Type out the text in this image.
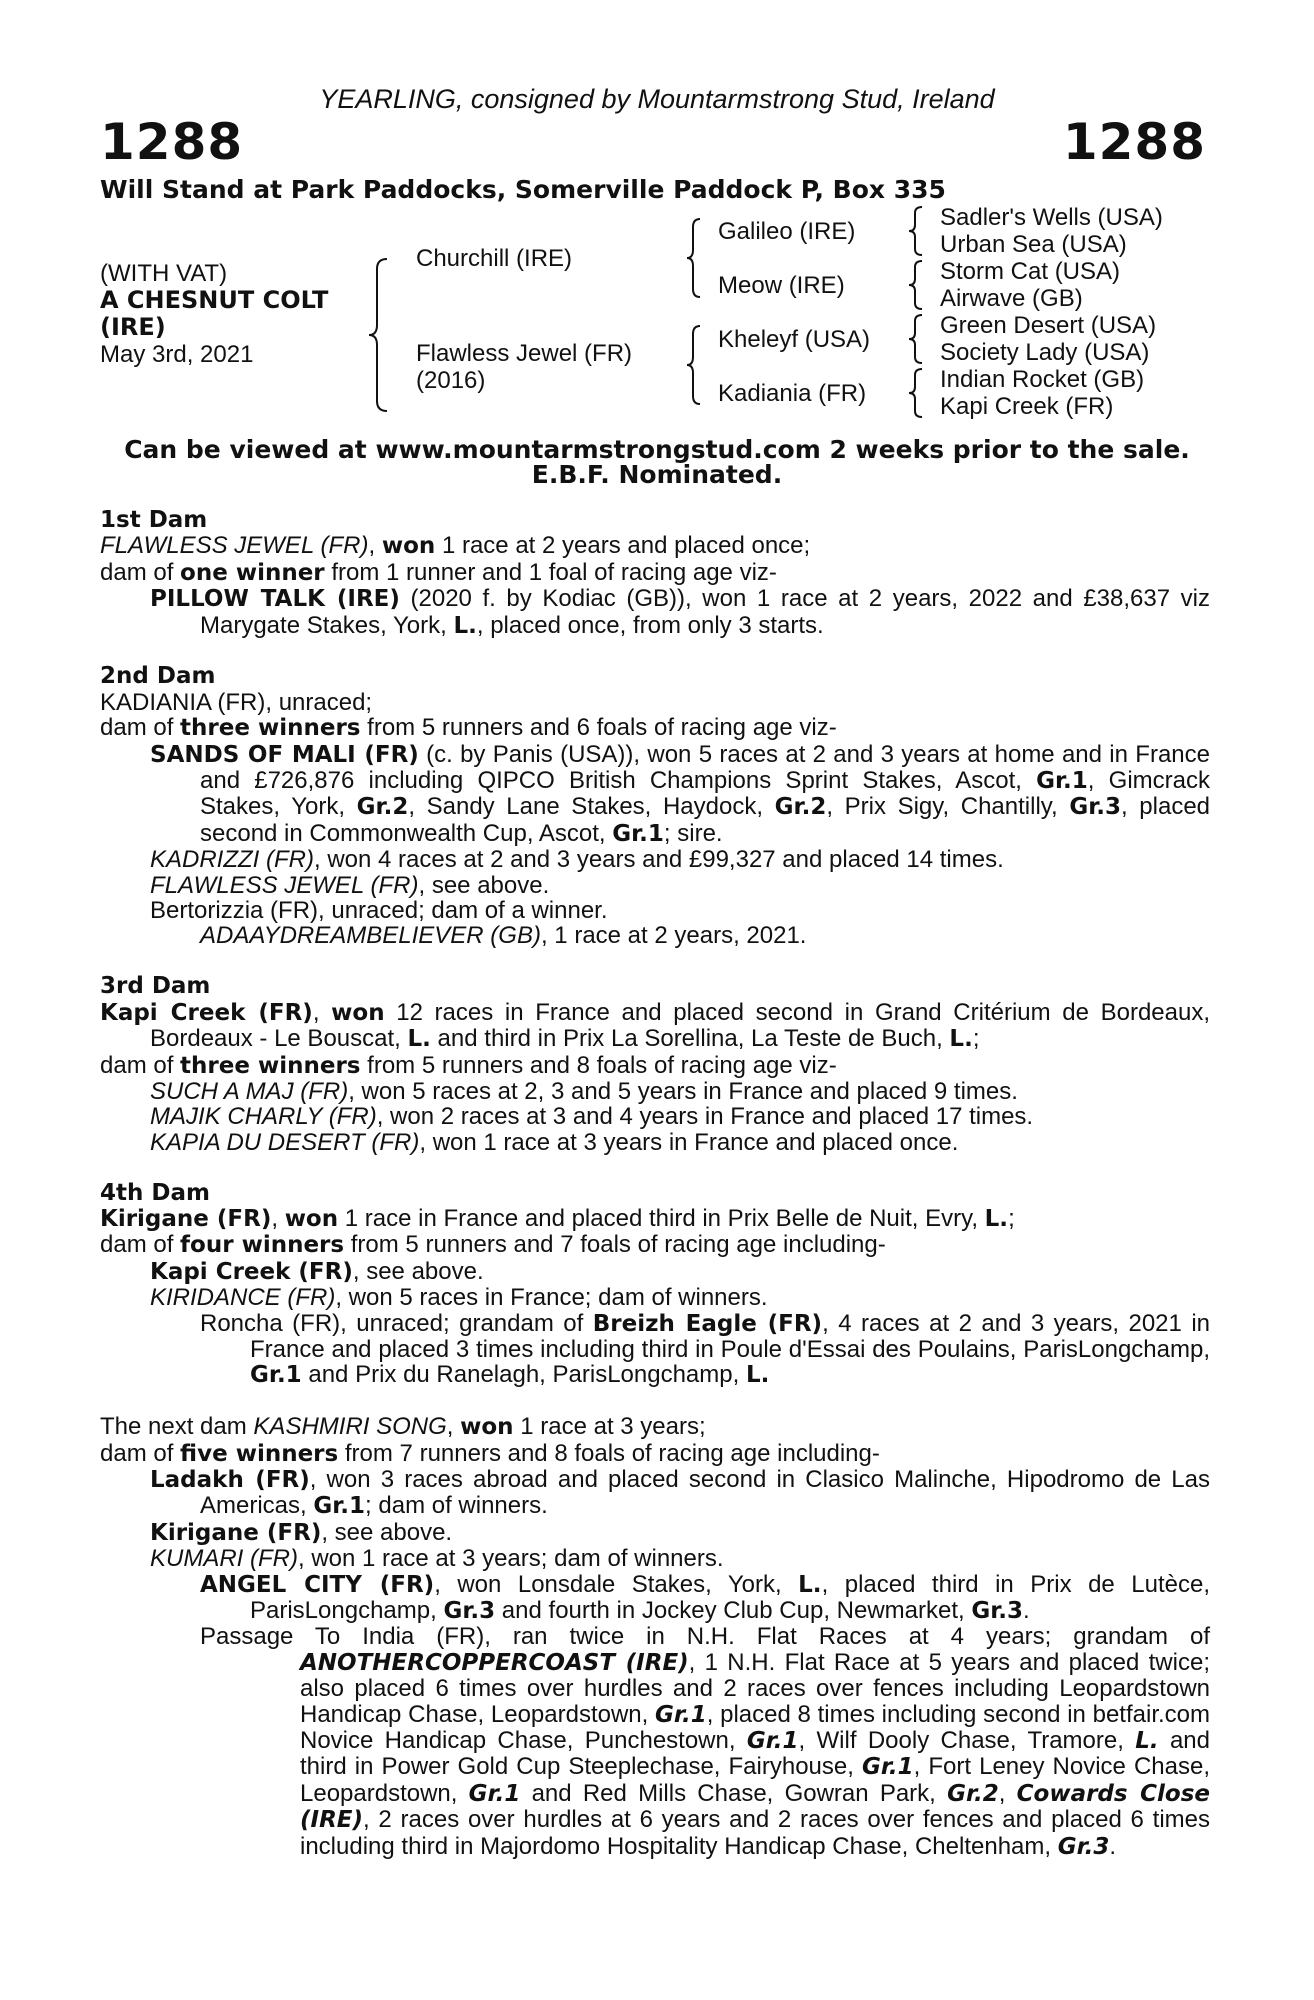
YEARLING, consigned by Mountarmstrong Stud, Ireland
1288	1288
Will Stand at Park Paddocks, Somerville Paddock P, Box 335
(WITH VAT)
A CHESNUT COLT
(IRE)
May 3rd, 2021
Churchill (IRE)
Flawless Jewel (FR)
(2016)
Galileo (IRE)
Meow (IRE)
Kheleyf (USA)
Kadiania (FR)
Sadler's Wells (USA)
Urban Sea (USA)
Storm Cat (USA)
Airwave (GB)
Green Desert (USA)
Society Lady (USA)
Indian Rocket (GB)
Kapi Creek (FR)
Can be viewed at www.mountarmstrongstud.com 2 weeks prior to the sale.
E.B.F. Nominated.

1st Dam

FLAWLESS JEWEL (FR), won 1 race at 2 years and placed once;

dam of one winner from 1 runner and 1 foal of racing age viz-

PILLOW TALK (IRE) (2020 f. by Kodiac (GB)), won 1 race at 2 years, 2022 and £38,637 viz Marygate Stakes, York, L., placed once, from only 3 starts.

2nd Dam

KADIANIA (FR), unraced;

dam of three winners from 5 runners and 6 foals of racing age viz-

SANDS OF MALI (FR) (c. by Panis (USA)), won 5 races at 2 and 3 years at home and in France and £726,876 including QIPCO British Champions Sprint Stakes, Ascot, Gr.1, Gimcrack Stakes, York, Gr.2, Sandy Lane Stakes, Haydock, Gr.2, Prix Sigy, Chantilly, Gr.3, placed second in Commonwealth Cup, Ascot, Gr.1; sire.

KADRIZZI (FR), won 4 races at 2 and 3 years and £99,327 and placed 14 times.

FLAWLESS JEWEL (FR), see above.

Bertorizzia (FR), unraced; dam of a winner.

ADAAYDREAMBELIEVER (GB), 1 race at 2 years, 2021.

3rd Dam

Kapi Creek (FR), won 12 races in France and placed second in Grand Critérium de Bordeaux, Bordeaux - Le Bouscat, L. and third in Prix La Sorellina, La Teste de Buch, L.;

dam of three winners from 5 runners and 8 foals of racing age viz-

SUCH A MAJ (FR), won 5 races at 2, 3 and 5 years in France and placed 9 times.

MAJIK CHARLY (FR), won 2 races at 3 and 4 years in France and placed 17 times.

KAPIA DU DESERT (FR), won 1 race at 3 years in France and placed once.

4th Dam

Kirigane (FR), won 1 race in France and placed third in Prix Belle de Nuit, Evry, L.;

dam of four winners from 5 runners and 7 foals of racing age including-

Kapi Creek (FR), see above.

KIRIDANCE (FR), won 5 races in France; dam of winners.

Roncha (FR), unraced; grandam of Breizh Eagle (FR), 4 races at 2 and 3 years, 2021 in France and placed 3 times including third in Poule d'Essai des Poulains, ParisLongchamp, Gr.1 and Prix du Ranelagh, ParisLongchamp, L.

The next dam KASHMIRI SONG, won 1 race at 3 years;

dam of five winners from 7 runners and 8 foals of racing age including-

Ladakh (FR), won 3 races abroad and placed second in Clasico Malinche, Hipodromo de Las Americas, Gr.1; dam of winners.

Kirigane (FR), see above.

KUMARI (FR), won 1 race at 3 years; dam of winners.

ANGEL CITY (FR), won Lonsdale Stakes, York, L., placed third in Prix de Lutèce, ParisLongchamp, Gr.3 and fourth in Jockey Club Cup, Newmarket, Gr.3.

Passage To India (FR), ran twice in N.H. Flat Races at 4 years; grandam of

ANOTHERCOPPERCOAST (IRE), 1 N.H. Flat Race at 5 years and placed twice; also placed 6 times over hurdles and 2 races over fences including Leopardstown Handicap Chase, Leopardstown, Gr.1, placed 8 times including second in betfair.com Novice Handicap Chase, Punchestown, Gr.1, Wilf Dooly Chase, Tramore, L. and third in Power Gold Cup Steeplechase, Fairyhouse, Gr.1, Fort Leney Novice Chase, Leopardstown, Gr.1 and Red Mills Chase, Gowran Park, Gr.2, Cowards Close (IRE), 2 races over hurdles at 6 years and 2 races over fences and placed 6 times including third in Majordomo Hospitality Handicap Chase, Cheltenham, Gr.3.
